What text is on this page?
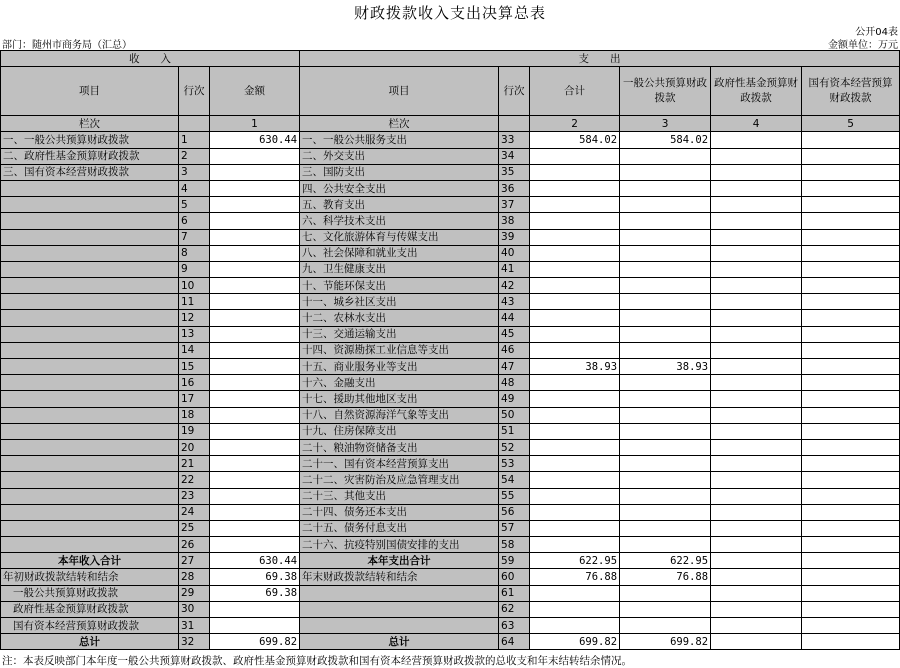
财政拨款收入支出决算总表
公开04表
部门：随州市商务局（汇总）	金额单位：万元
收　　入			支　　出					
项目	行次	金额	项目	行次	合计	一般公共预算财政拨款	政府性基金预算财政拨款	国有资本经营预算财政拨款
栏次		1	栏次		2	3	4	5
一、一般公共预算财政拨款	1	630.44	一、一般公共服务支出	33	584.02	584.02		
二、政府性基金预算财政拨款	2		二、外交支出	34				
三、国有资本经营财政拨款	3		三、国防支出	35				
	4		四、公共安全支出	36				
	5		五、教育支出	37				
	6		六、科学技术支出	38				
	7		七、文化旅游体育与传媒支出	39				
	8		八、社会保障和就业支出	40				
	9		九、卫生健康支出	41				
	10		十、节能环保支出	42				
	11		十一、城乡社区支出	43				
	12		十二、农林水支出	44				
	13		十三、交通运输支出	45				
	14		十四、资源勘探工业信息等支出	46				
	15		十五、商业服务业等支出	47	38.93	38.93		
	16		十六、金融支出	48				
	17		十七、援助其他地区支出	49				
	18		十八、自然资源海洋气象等支出	50				
	19		十九、住房保障支出	51				
	20		二十、粮油物资储备支出	52				
	21		二十一、国有资本经营预算支出	53				
	22		二十二、灾害防治及应急管理支出	54				
	23		二十三、其他支出	55				
	24		二十四、债务还本支出	56				
	25		二十五、债务付息支出	57				
	26		二十六、抗疫特别国债安排的支出	58				
本年收入合计	27	630.44	本年支出合计	59	622.95	622.95		
年初财政拨款结转和结余	28	69.38	年末财政拨款结转和结余	60	76.88	76.88		
一般公共预算财政拨款	29	69.38		61				
政府性基金预算财政拨款	30			62				
国有资本经营预算财政拨款	31			63				
总计	32	699.82	总计	64	699.82	699.82		
注：本表反映部门本年度一般公共预算财政拨款、政府性基金预算财政拨款和国有资本经营预算财政拨款的总收支和年末结转结余情况。
